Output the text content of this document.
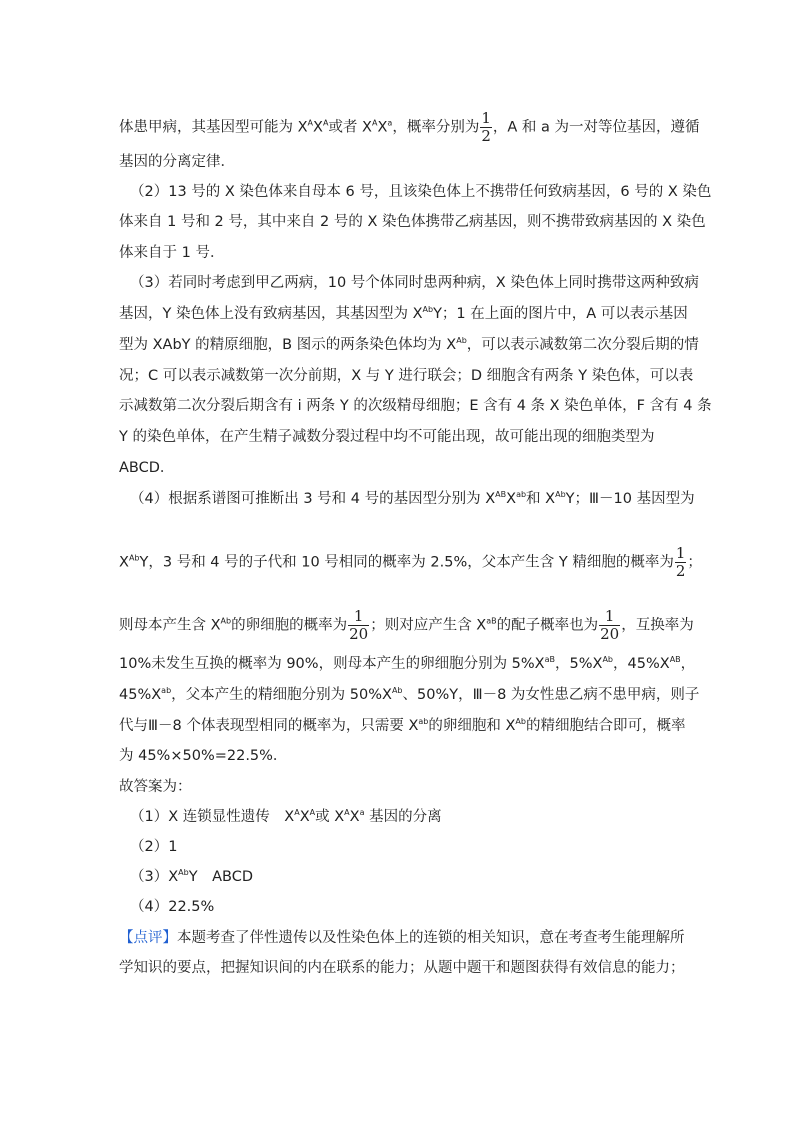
体患甲病，其基因型可能为 $X^AX^A$或者 $X^AX^a$，概率分别为 $\frac{1}{2}$ ，A 和 a 为一对等位基因，遵循
基因的分离定律．
（2）13 号的 X 染色体来自母本 6 号，且该染色体上不携带任何致病基因，6 号的 X 染色
体来自 1 号和 2 号，其中来自 2 号的 X 染色体携带乙病基因，则不携带致病基因的 X 染色
体来自于 1 号．
（3）若同时考虑到甲乙两病，10 号个体同时患两种病，X 染色体上同时携带这两种致病
基因，Y 染色体上没有致病基因，其基因型为 $X^{Ab}Y$；1 在上面的图片中，A 可以表示基因
型为 XAbY 的精原细胞，B 图示的两条染色体均为 $X^{Ab}$，可以表示减数第二次分裂后期的情
况；C 可以表示减数第一次分前期，X 与 Y 进行联会；D 细胞含有两条 Y 染色体，可以表
示减数第二次分裂后期含有 i 两条 Y 的次级精母细胞；E 含有 4 条 X 染色单体，F 含有 4 条
Y 的染色单体，在产生精子减数分裂过程中均不可能出现，故可能出现的细胞类型为
ABCD．
（4）根据系谱图可推断出 3 号和 4 号的基因型分别为 $X^{AB}X^{ab}$和 $X^{Ab}Y$；Ⅲ－10 基因型为
$X^{Ab}Y$，3 号和 4 号的子代和 10 号相同的概率为 2.5%，父本产生含 Y 精细胞的概率为 $\frac{1}{2}$ ；
则母本产生含 $X^{Ab}$的卵细胞的概率为 $\frac{1}{20}$ ；则对应产生含 $X^{aB}$的配子概率也为 $\frac{1}{20}$ ，互换率为
10%未发生互换的概率为 90%，则母本产生的卵细胞分别为 $5\%X^{aB}$，$5\%X^{Ab}$，$45\%X^{AB}$，
$45\%X^{ab}$，父本产生的精细胞分别为 $50\%X^{Ab}$、50%Y，Ⅲ－8 为女性患乙病不患甲病，则子
代与Ⅲ－8 个体表现型相同的概率为，只需要 $X^{ab}$的卵细胞和 $X^{Ab}$的精细胞结合即可，概率
为 45%×50%=22.5%．
故答案为：
（1）X 连锁显性遗传　$X^AX^A$或 $X^AX^a$ 基因的分离
（2）1
$(3)X^{Ab}Y$　ABCD
（4）22.5%
【点评】本题考查了伴性遗传以及性染色体上的连锁的相关知识，意在考查考生能理解所
学知识的要点，把握知识间的内在联系的能力；从题中题干和题图获得有效信息的能力；
